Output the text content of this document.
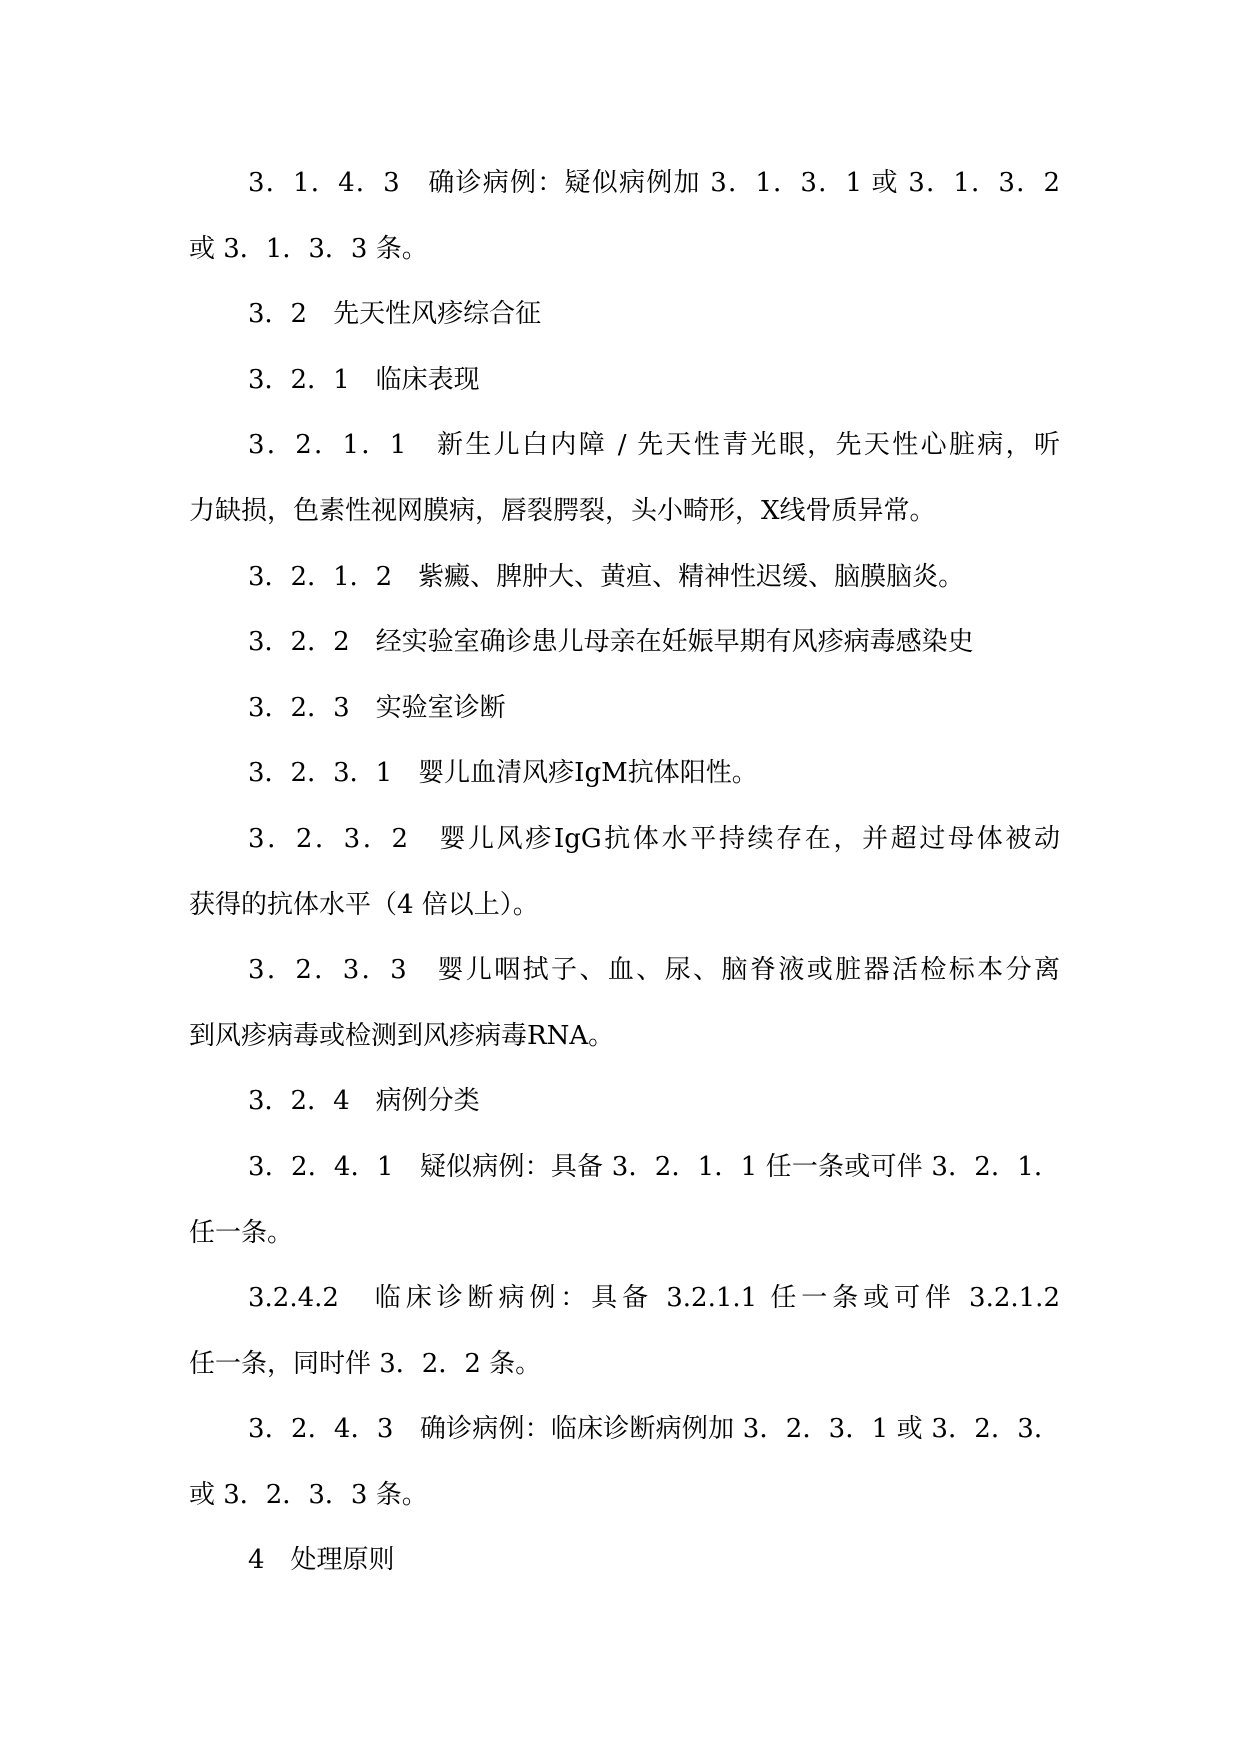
3．1．4．3　确诊病例：疑似病例加 3．1．3．1 或 3．1．3．2
或 3．1．3．3 条。
3．2　先天性风疹综合征
3．2．1　临床表现
3．2．1．1　新生儿白内障 / 先天性青光眼，先天性心脏病，听
力缺损，色素性视网膜病，唇裂腭裂，头小畸形，X线骨质异常。
3．2．1．2　紫癜、脾肿大、黄疸、精神性迟缓、脑膜脑炎。
3．2．2　经实验室确诊患儿母亲在妊娠早期有风疹病毒感染史
3．2．3　实验室诊断
3．2．3．1　婴儿血清风疹IgM抗体阳性。
3．2．3．2　婴儿风疹IgG抗体水平持续存在，并超过母体被动
获得的抗体水平（4 倍以上）。
3．2．3．3　婴儿咽拭子、血、尿、脑脊液或脏器活检标本分离
到风疹病毒或检测到风疹病毒RNA。
3．2．4　病例分类
3．2．4．1　疑似病例：具备 3．2．1．1 任一条或可伴 3．2．1．
任一条。
3.2.4.2　临床诊断病例：具备 3.2.1.1 任一条或可伴 3.2.1.2
任一条，同时伴 3．2．2 条。
3．2．4．3　确诊病例：临床诊断病例加 3．2．3．1 或 3．2．3．
或 3．2．3．3 条。
4　处理原则
